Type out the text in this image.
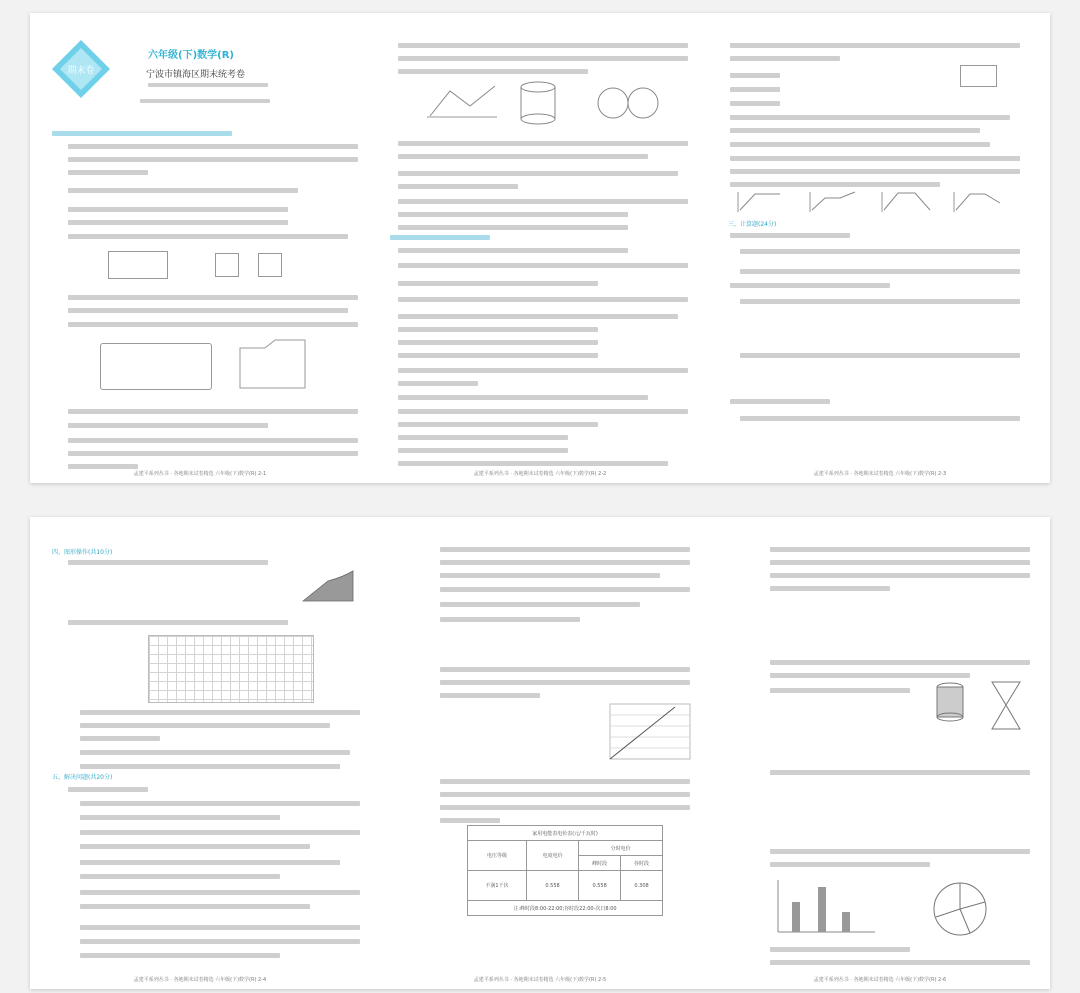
期末卷
六年级(下)数学(R)
宁波市镇海区期末统考卷
孟建平系列丛书 · 各地期末试卷精选 六年级(下)数学(R) 2-1	孟建平系列丛书 · 各地期末试卷精选 六年级(下)数学(R) 2-2
三、计算题(24分)
孟建平系列丛书 · 各地期末试卷精选 六年级(下)数学(R) 2-3
四、图形操作(共10分)
五、解决问题(共20分)
孟建平系列丛书 · 各地期末试卷精选 六年级(下)数学(R) 2-4
家用电能表电价表(元/千瓦时)			
电压等级	电度电价	分时电价	
		峰时段	谷时段
不满1千伏	0.558	0.558	0.308
注:峰时段8:00-22:00;谷时段22:00-次日8:00			
孟建平系列丛书 · 各地期末试卷精选 六年级(下)数学(R) 2-5	孟建平系列丛书 · 各地期末试卷精选 六年级(下)数学(R) 2-6
